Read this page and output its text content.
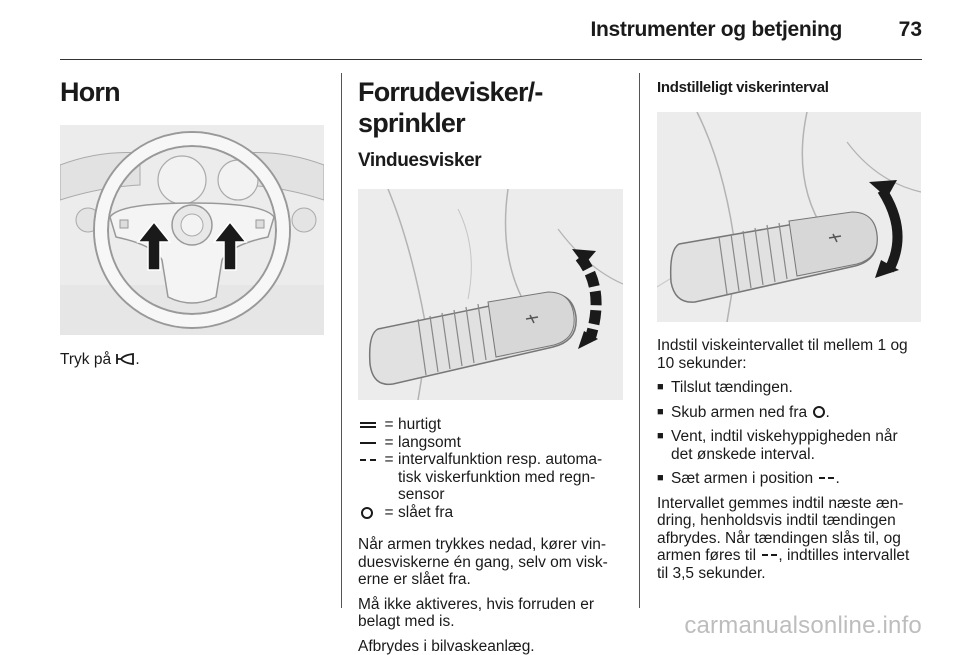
Instrumenter og betjening	73
Horn

Tryk på .

Forrudevisker/-sprinkler
Vinduesvisker
= hurtigt
= langsomt
= intervalfunktion resp. automa-
tisk viskerfunktion med regn-
sensor
= slået fra

Når armen trykkes nedad, kører vin-
duesviskerne én gang, selv om visk-
erne er slået fra.

Må ikke aktiveres, hvis forruden er
belagt med is.

Afbrydes i bilvaskeanlæg.

Indstilleligt viskerinterval

Indstil viskeintervallet til mellem 1 og
10 sekunder:

■ Tilslut tændingen.
■ Skub armen ned fra .
■ Vent, indtil viskehyppigheden når
det ønskede interval.
■ Sæt armen i position .

Intervallet gemmes indtil næste æn-
dring, henholdsvis indtil tændingen
afbrydes. Når tændingen slås til, og
armen føres til , indtilles intervallet
til 3,5 sekunder.

carmanualsonline.info
